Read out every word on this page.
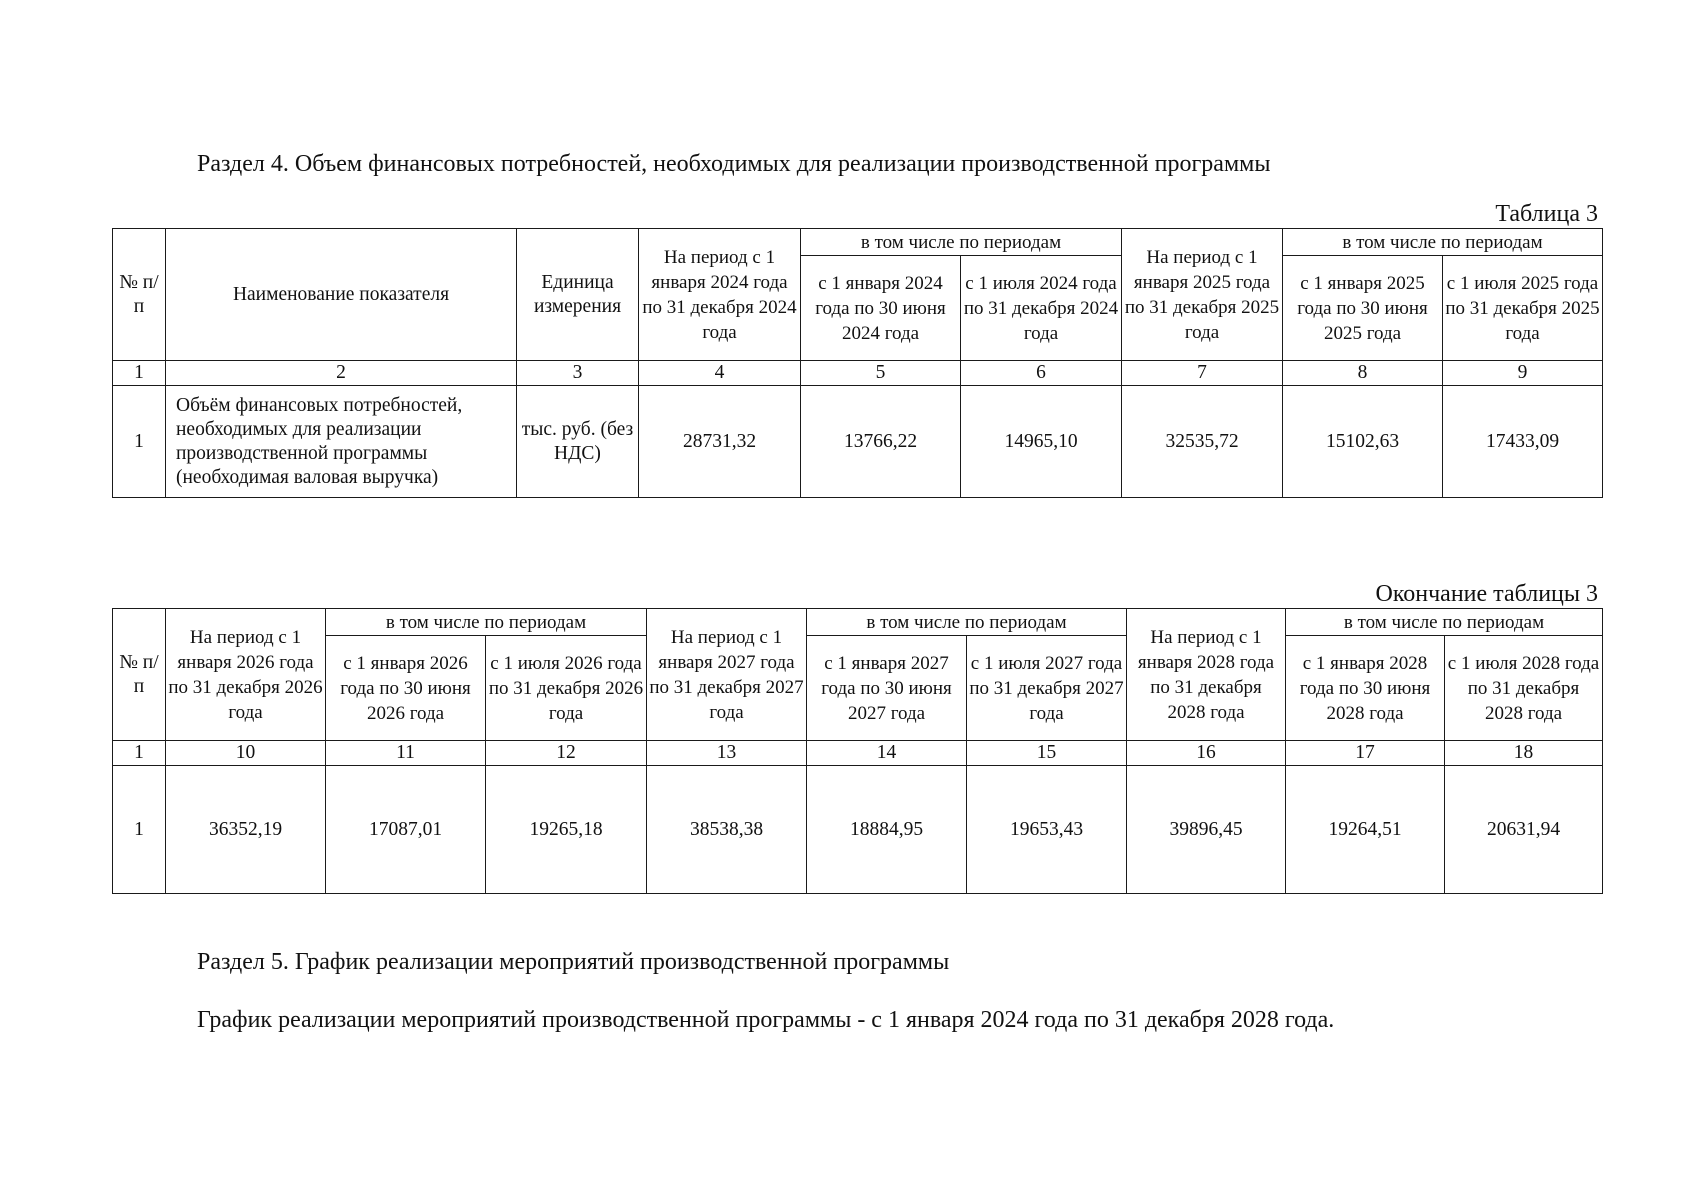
Раздел 4. Объем финансовых потребностей, необходимых для реализации производственной программы
Таблица 3
№ п/п	Наименование показателя	Единица измерения	На период с 1 января 2024 года по 31 декабря 2024 года	в том числе по периодам		На период с 1 января 2025 года по 31 декабря 2025 года	в том числе по периодам	
				с 1 января 2024 года по 30 июня 2024 года	с 1 июля 2024 года по 31 декабря 2024 года		с 1 января 2025 года по 30 июня 2025 года	с 1 июля 2025 года по 31 декабря 2025 года
1	2	3	4	5	6	7	8	9
1	Объём финансовых потребностей, необходимых для реализации производственной программы (необходимая валовая выручка)	тыс. руб. (без НДС)	28731,32	13766,22	14965,10	32535,72	15102,63	17433,09
Окончание таблицы 3
№ п/п	На период с 1 января 2026 года по 31 декабря 2026 года	в том числе по периодам		На период с 1 января 2027 года по 31 декабря 2027 года	в том числе по периодам		На период с 1 января 2028 года по 31 декабря 2028 года	в том числе по периодам	
		с 1 января 2026 года по 30 июня 2026 года	с 1 июля 2026 года по 31 декабря 2026 года		с 1 января 2027 года по 30 июня 2027 года	с 1 июля 2027 года по 31 декабря 2027 года		с 1 января 2028 года по 30 июня 2028 года	с 1 июля 2028 года по 31 декабря 2028 года
1	10	11	12	13	14	15	16	17	18
1	36352,19	17087,01	19265,18	38538,38	18884,95	19653,43	39896,45	19264,51	20631,94
Раздел 5. График реализации мероприятий производственной программы
График реализации мероприятий производственной программы - с 1 января 2024 года по 31 декабря 2028 года.
